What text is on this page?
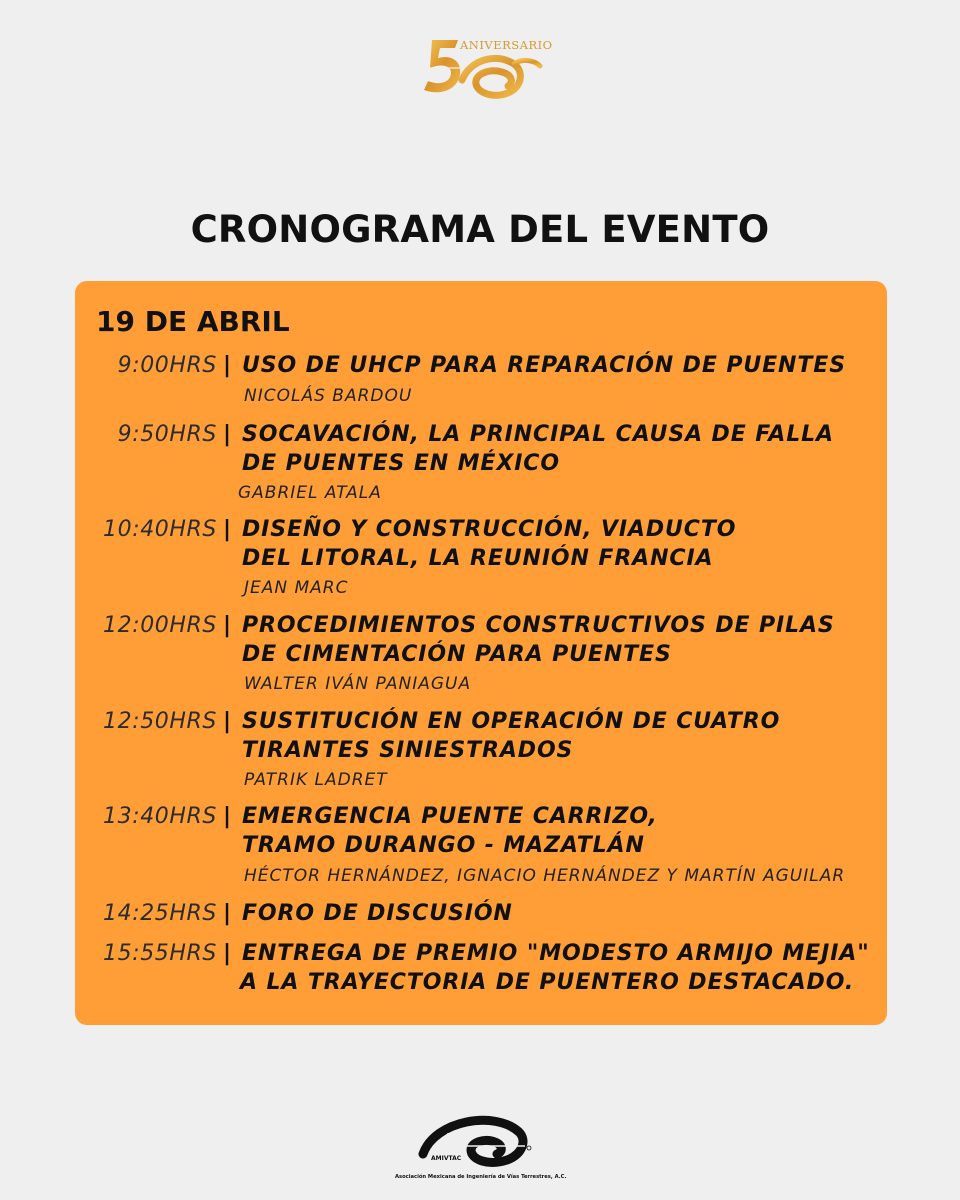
ANIVERSARIO
CRONOGRAMA DEL EVENTO
19 DE ABRIL
9:00HRS | USO DE UHCP PARA REPARACIÓN DE PUENTES
NICOLÁS BARDOU
9:50HRS | SOCAVACIÓN, LA PRINCIPAL CAUSA DE FALLA
DE PUENTES EN MÉXICO
GABRIEL ATALA
10:40HRS | DISEÑO Y CONSTRUCCIÓN, VIADUCTO
DEL LITORAL, LA REUNIÓN FRANCIA
JEAN MARC
12:00HRS | PROCEDIMIENTOS CONSTRUCTIVOS DE PILAS
DE CIMENTACIÓN PARA PUENTES
WALTER IVÁN PANIAGUA
12:50HRS | SUSTITUCIÓN EN OPERACIÓN DE CUATRO
TIRANTES SINIESTRADOS
PATRIK LADRET
13:40HRS | EMERGENCIA PUENTE CARRIZO,
TRAMO DURANGO - MAZATLÁN
HÉCTOR HERNÁNDEZ, IGNACIO HERNÁNDEZ Y MARTÍN AGUILAR
14:25HRS | FORO DE DISCUSIÓN
15:55HRS | ENTREGA DE PREMIO "MODESTO ARMIJO MEJIA"
A LA TRAYECTORIA DE PUENTERO DESTACADO.
AMIVTAC
Asociación Mexicana de Ingeniería de Vías Terrestres, A.C.
